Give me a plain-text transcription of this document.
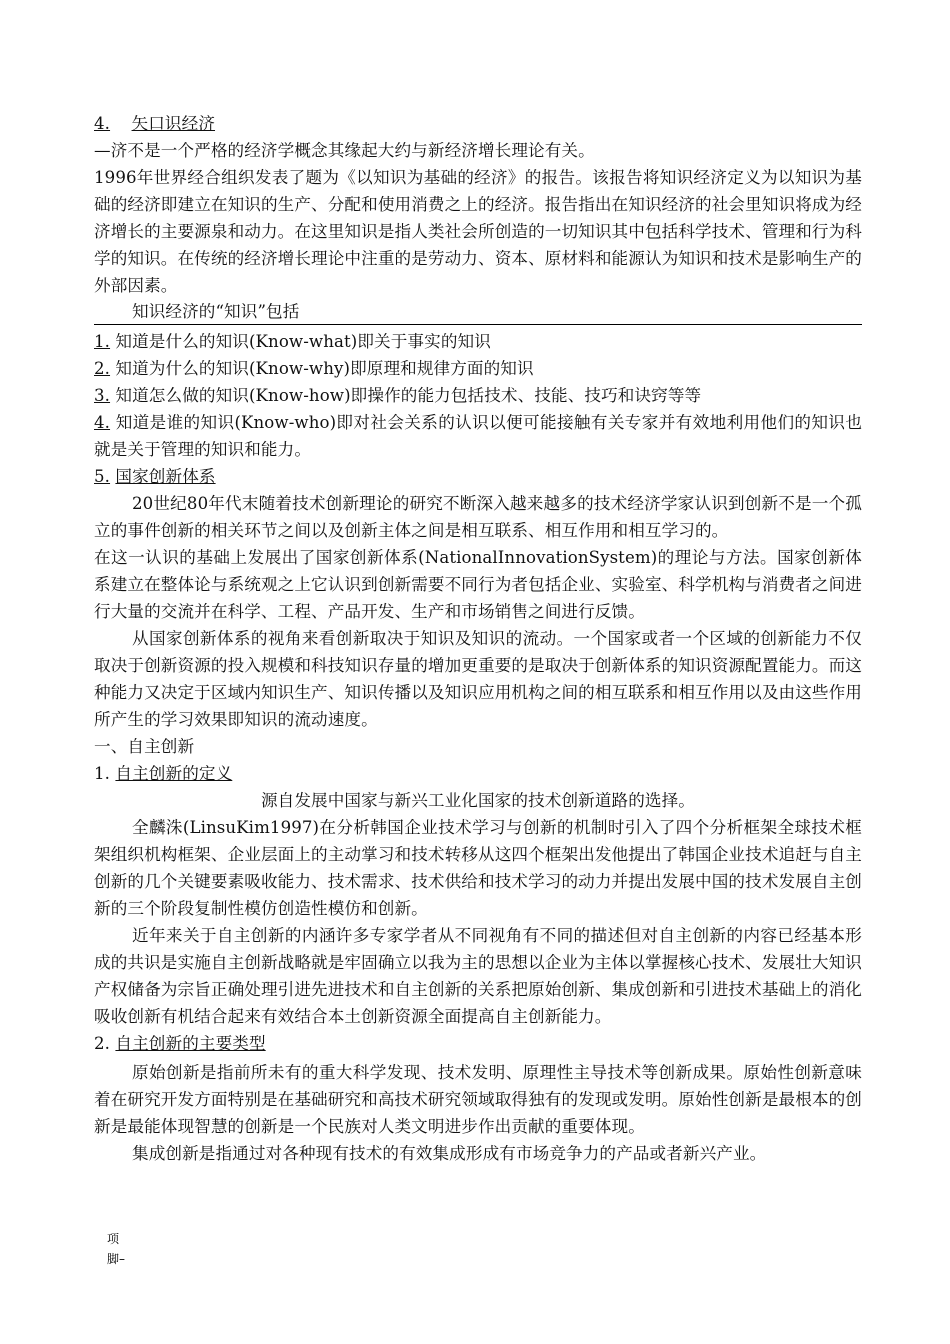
4. 矢口识经济

—济不是一个严格的经济学概念其缘起大约与新经济增长理论有关。

1996年世界经合组织发表了题为《以知识为基础的经济》的报告。该报告将知识经济定义为以知识为基础的经济即建立在知识的生产、分配和使用消费之上的经济。报告指出在知识经济的社会里知识将成为经济增长的主要源泉和动力。在这里知识是指人类社会所创造的一切知识其中包括科学技术、管理和行为科学的知识。在传统的经济增长理论中注重的是劳动力、资本、原材料和能源认为知识和技术是影响生产的外部因素。

知识经济的“知识”包括

1. 知道是什么的知识(Know-what)即关于事实的知识

2. 知道为什么的知识(Know-why)即原理和规律方面的知识

3. 知道怎么做的知识(Know-how)即操作的能力包括技术、技能、技巧和诀窍等等

4. 知道是谁的知识(Know-who)即对社会关系的认识以便可能接触有关专家并有效地利用他们的知识也就是关于管理的知识和能力。

5. 国家创新体系

20世纪80年代末随着技术创新理论的研究不断深入越来越多的技术经济学家认识到创新不是一个孤立的事件创新的相关环节之间以及创新主体之间是相互联系、相互作用和相互学习的。

在这一认识的基础上发展出了国家创新体系(NationalInnovationSystem)的理论与方法。国家创新体系建立在整体论与系统观之上它认识到创新需要不同行为者包括企业、实验室、科学机构与消费者之间进行大量的交流并在科学、工程、产品开发、生产和市场销售之间进行反馈。

从国家创新体系的视角来看创新取决于知识及知识的流动。一个国家或者一个区域的创新能力不仅取决于创新资源的投入规模和科技知识存量的增加更重要的是取决于创新体系的知识资源配置能力。而这种能力又决定于区域内知识生产、知识传播以及知识应用机构之间的相互联系和相互作用以及由这些作用所产生的学习效果即知识的流动速度。

一、自主创新

1. 自主创新的定义

源自发展中国家与新兴工业化国家的技术创新道路的选择。

全麟洙(LinsuKim1997)在分析韩国企业技术学习与创新的机制时引入了四个分析框架全球技术框架组织机构框架、企业层面上的主动掌习和技术转移从这四个框架出发他提出了韩国企业技术追赶与自主创新的几个关键要素吸收能力、技术需求、技术供给和技术学习的动力并提出发展中国的技术发展自主创新的三个阶段复制性模仿创造性模仿和创新。

近年来关于自主创新的内涵许多专家学者从不同视角有不同的描述但对自主创新的内容已经基本形成的共识是实施自主创新战略就是牢固确立以我为主的思想以企业为主体以掌握核心技术、发展壮大知识产权储备为宗旨正确处理引进先进技术和自主创新的关系把原始创新、集成创新和引进技术基础上的消化吸收创新有机结合起来有效结合本土创新资源全面提高自主创新能力。

2. 自主创新的主要类型

原始创新是指前所未有的重大科学发现、技术发明、原理性主导技术等创新成果。原始性创新意味着在研究开发方面特别是在基础研究和高技术研究领域取得独有的发现或发明。原始性创新是最根本的创新是最能体现智慧的创新是一个民族对人类文明进步作出贡献的重要体现。

集成创新是指通过对各种现有技术的有效集成形成有市场竞争力的产品或者新兴产业。

项
脚–
